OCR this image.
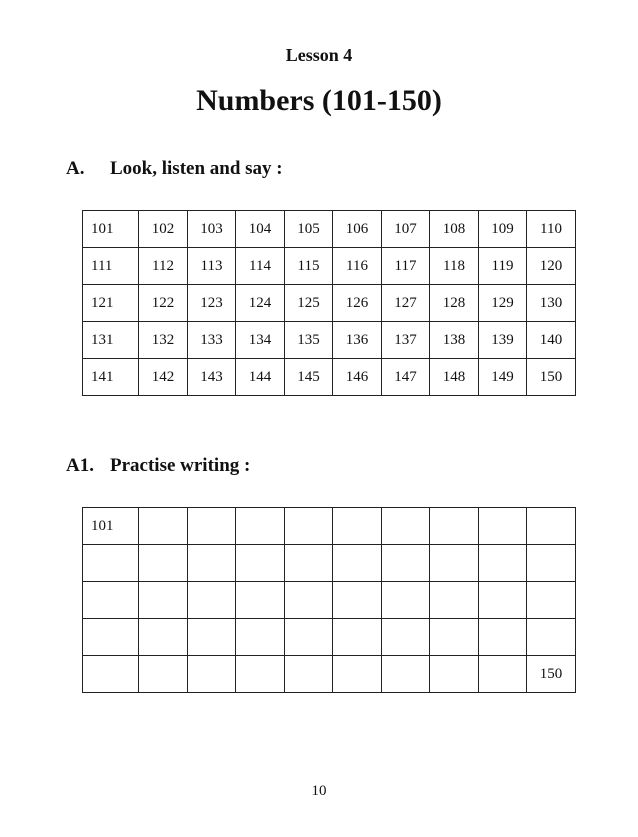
Lesson 4
Numbers (101-150)
A. Look, listen and say :
101	102	103	104	105	106	107	108	109	110
111	112	113	114	115	116	117	118	119	120
121	122	123	124	125	126	127	128	129	130
131	132	133	134	135	136	137	138	139	140
141	142	143	144	145	146	147	148	149	150
A1. Practise writing :
101									

									150
10
